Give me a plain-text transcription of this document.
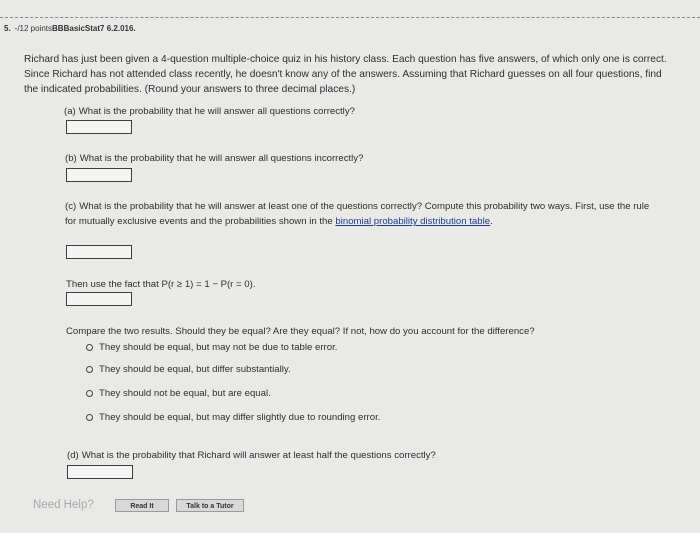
5. -/12 pointsBBBasicStat7 6.2.016.
Richard has just been given a 4-question multiple-choice quiz in his history class. Each question has five answers, of which only one is correct. Since Richard has not attended class recently, he doesn't know any of the answers. Assuming that Richard guesses on all four questions, find the indicated probabilities. (Round your answers to three decimal places.)
(a) What is the probability that he will answer all questions correctly?
(b) What is the probability that he will answer all questions incorrectly?
(c) What is the probability that he will answer at least one of the questions correctly? Compute this probability two ways. First, use the rule for mutually exclusive events and the probabilities shown in the binomial probability distribution table.
Then use the fact that P(r ≥ 1) = 1 − P(r = 0).
Compare the two results. Should they be equal? Are they equal? If not, how do you account for the difference?
They should be equal, but may not be due to table error.
They should be equal, but differ substantially.
They should not be equal, but are equal.
They should be equal, but may differ slightly due to rounding error.
(d) What is the probability that Richard will answer at least half the questions correctly?
Need Help?	Read It	Talk to a Tutor
